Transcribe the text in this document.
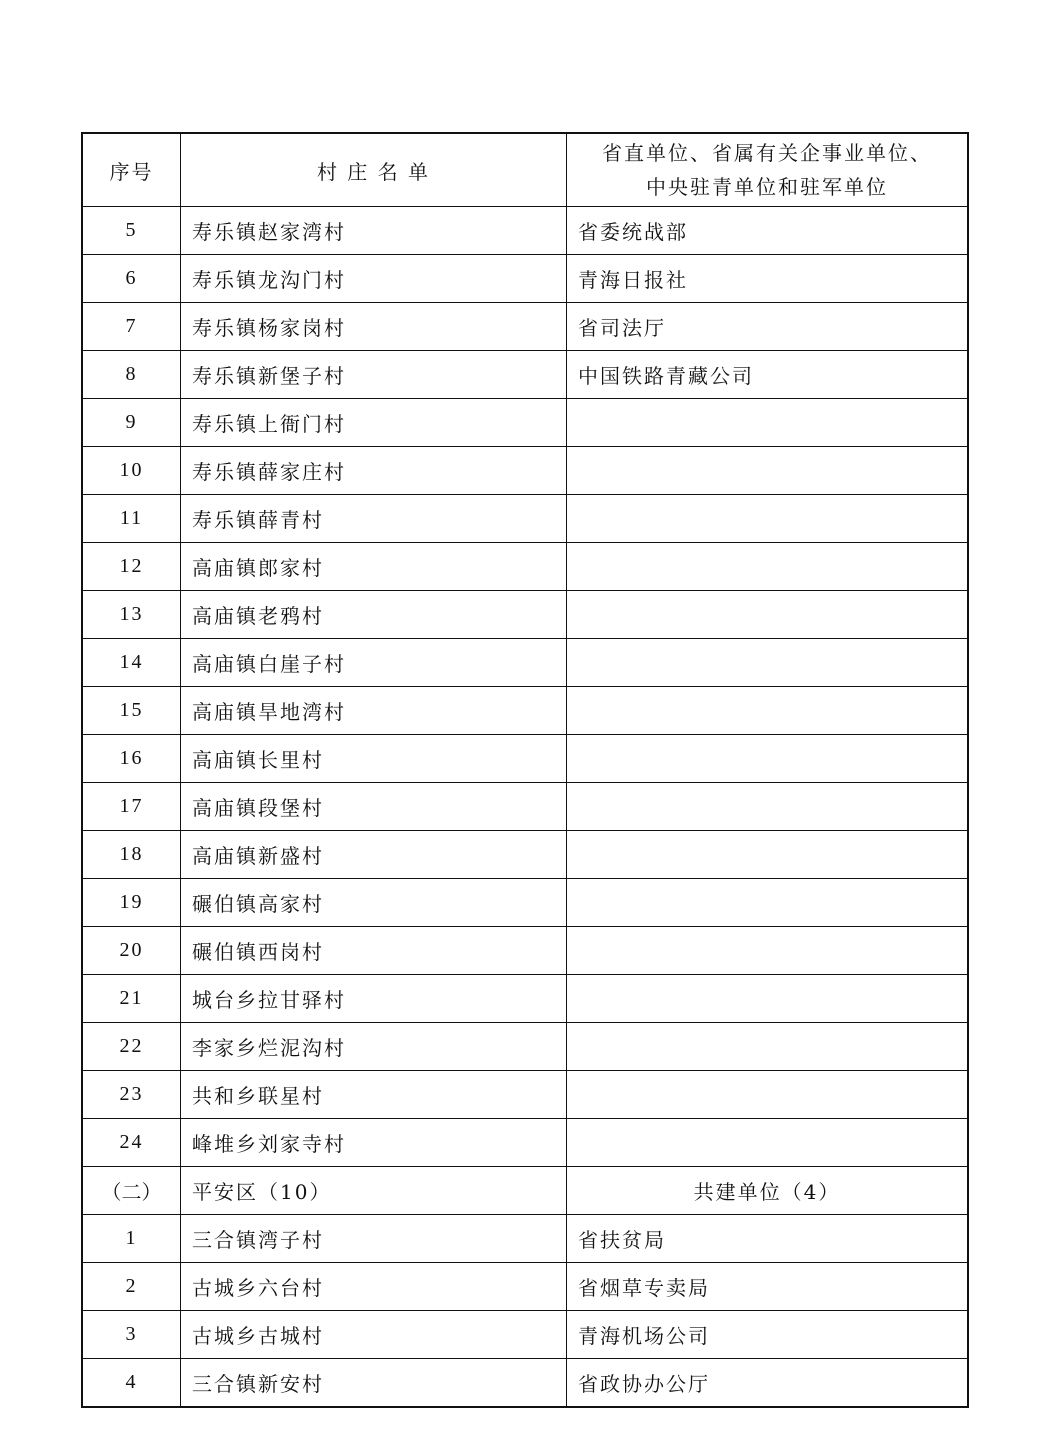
序号	村 庄 名 单	省直单位、省属有关企事业单位、
中央驻青单位和驻军单位

5	寿乐镇赵家湾村	省委统战部
6	寿乐镇龙沟门村	青海日报社
7	寿乐镇杨家岗村	省司法厅
8	寿乐镇新堡子村	中国铁路青藏公司
9	寿乐镇上衙门村	
10	寿乐镇薛家庄村	
11	寿乐镇薛青村	
12	高庙镇郎家村	
13	高庙镇老鸦村	
14	高庙镇白崖子村	
15	高庙镇旱地湾村	
16	高庙镇长里村	
17	高庙镇段堡村	
18	高庙镇新盛村	
19	碾伯镇高家村	
20	碾伯镇西岗村	
21	城台乡拉甘驿村	
22	李家乡烂泥沟村	
23	共和乡联星村	
24	峰堆乡刘家寺村	
（二）	平安区（10）	共建单位（4）
1	三合镇湾子村	省扶贫局
2	古城乡六台村	省烟草专卖局
3	古城乡古城村	青海机场公司
4	三合镇新安村	省政协办公厅
